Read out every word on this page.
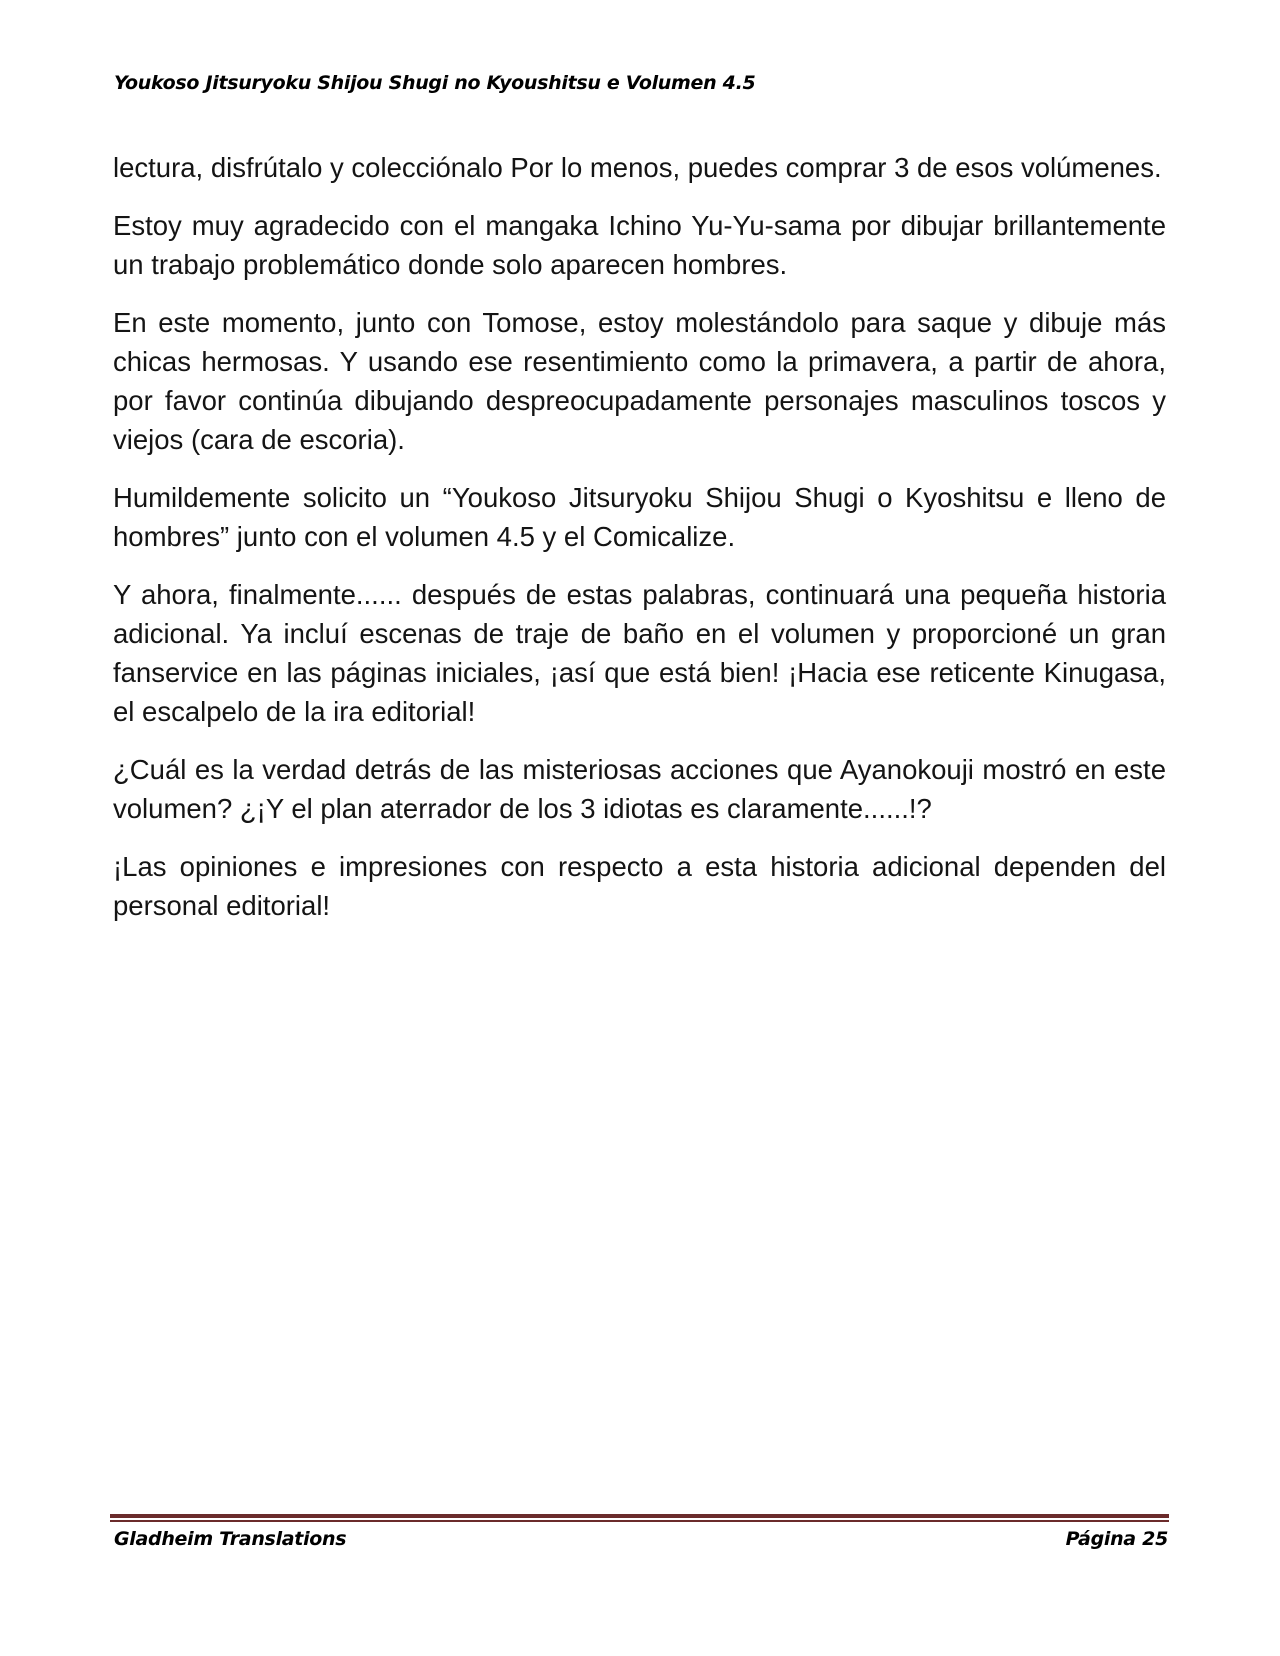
Youkoso Jitsuryoku Shijou Shugi no Kyoushitsu e Volumen 4.5

lectura, disfrútalo y colecciónalo Por lo menos, puedes comprar 3 de esos volúmenes.

Estoy muy agradecido con el mangaka Ichino Yu-Yu-sama por dibujar brillantemente un trabajo problemático donde solo aparecen hombres.

En este momento, junto con Tomose, estoy molestándolo para saque y dibuje más chicas hermosas. Y usando ese resentimiento como la primavera, a partir de ahora, por favor continúa dibujando despreocupadamente personajes masculinos toscos y viejos (cara de escoria).

Humildemente solicito un “Youkoso Jitsuryoku Shijou Shugi o Kyoshitsu e lleno de hombres” junto con el volumen 4.5 y el Comicalize.

Y ahora, finalmente...... después de estas palabras, continuará una pequeña historia adicional. Ya incluí escenas de traje de baño en el volumen y proporcioné un gran fanservice en las páginas iniciales, ¡así que está bien! ¡Hacia ese reticente Kinugasa, el escalpelo de la ira editorial!

¿Cuál es la verdad detrás de las misteriosas acciones que Ayanokouji mostró en este volumen? ¿¡Y el plan aterrador de los 3 idiotas es claramente......!?

¡Las opiniones e impresiones con respecto a esta historia adicional dependen del personal editorial!

Gladheim Translations	Página 25
